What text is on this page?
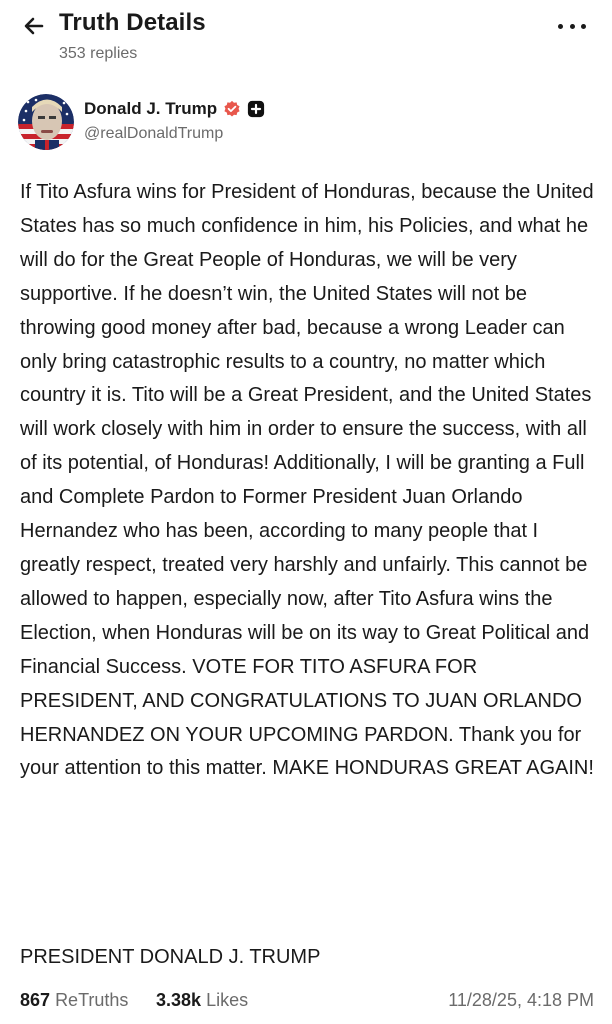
Truth Details
353 replies
Donald J. Trump
@realDonaldTrump

If Tito Asfura wins for President of Honduras, because the United States has so much confidence in him, his Policies, and what he will do for the Great People of Honduras, we will be very supportive. If he doesn’t win, the United States will not be throwing good money after bad, because a wrong Leader can only bring catastrophic results to a country, no matter which country it is. Tito will be a Great President, and the United States will work closely with him in order to ensure the success, with all of its potential, of Honduras! Additionally, I will be granting a Full and Complete Pardon to Former President Juan Orlando Hernandez who has been, according to many people that I greatly respect, treated very harshly and unfairly. This cannot be allowed to happen, especially now, after Tito Asfura wins the Election, when Honduras will be on its way to Great Political and Financial Success. VOTE FOR TITO ASFURA FOR PRESIDENT, AND CONGRATULATIONS TO JUAN ORLANDO HERNANDEZ ON YOUR UPCOMING PARDON. Thank you for your attention to this matter. MAKE HONDURAS GREAT AGAIN!

PRESIDENT DONALD J. TRUMP

867 ReTruths 3.38k Likes	11/28/25, 4:18 PM
